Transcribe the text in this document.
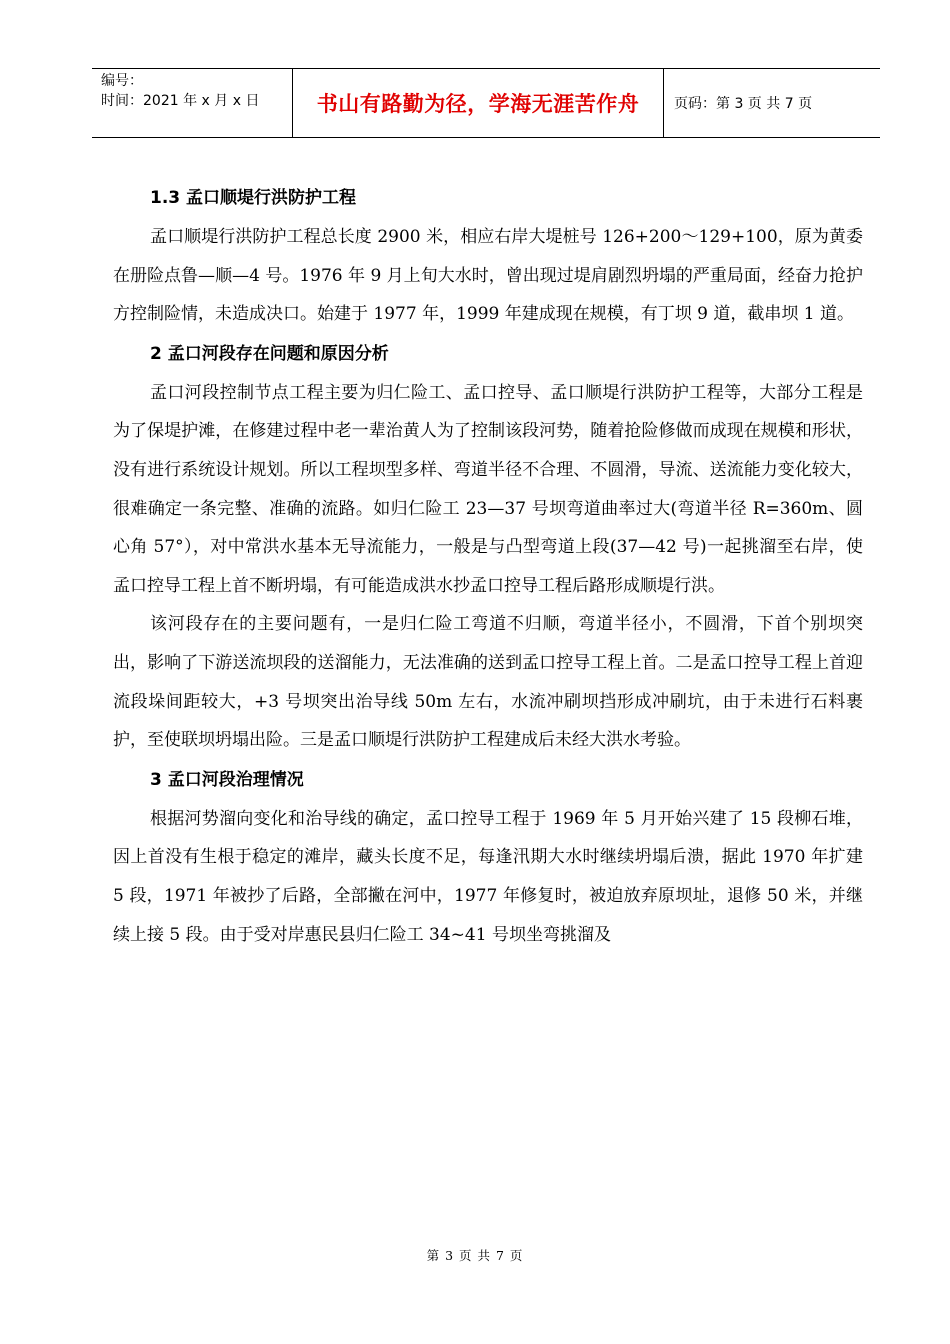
编号：
时间：2021 年 x 月 x 日	书山有路勤为径，学海无涯苦作舟	页码：第 3 页 共 7 页
1.3 孟口顺堤行洪防护工程
孟口顺堤行洪防护工程总长度 2900 米，相应右岸大堤桩号 126+200～129+100，原为黄委在册险点鲁—顺—4 号。1976 年 9 月上旬大水时，曾出现过堤肩剧烈坍塌的严重局面，经奋力抢护方控制险情，未造成决口。始建于 1977 年，1999 年建成现在规模，有丁坝 9 道，截串坝 1 道。
2 孟口河段存在问题和原因分析
孟口河段控制节点工程主要为归仁险工、孟口控导、孟口顺堤行洪防护工程等，大部分工程是为了保堤护滩，在修建过程中老一辈治黄人为了控制该段河势，随着抢险修做而成现在规模和形状，没有进行系统设计规划。所以工程坝型多样、弯道半径不合理、不圆滑，导流、送流能力变化较大，很难确定一条完整、准确的流路。如归仁险工 23—37 号坝弯道曲率过大(弯道半径 R=360m、圆心角 57°），对中常洪水基本无导流能力，一般是与凸型弯道上段(37—42 号)一起挑溜至右岸，使孟口控导工程上首不断坍塌，有可能造成洪水抄孟口控导工程后路形成顺堤行洪。
该河段存在的主要问题有，一是归仁险工弯道不归顺，弯道半径小，不圆滑，下首个别坝突出，影响了下游送流坝段的送溜能力，无法准确的送到孟口控导工程上首。二是孟口控导工程上首迎流段垛间距较大，+3 号坝突出治导线 50m 左右，水流冲刷坝挡形成冲刷坑，由于未进行石料裹护，至使联坝坍塌出险。三是孟口顺堤行洪防护工程建成后未经大洪水考验。
3 孟口河段治理情况
根据河势溜向变化和治导线的确定，孟口控导工程于 1969 年 5 月开始兴建了 15 段柳石堆，因上首没有生根于稳定的滩岸，藏头长度不足，每逢汛期大水时继续坍塌后溃，据此 1970 年扩建 5 段，1971 年被抄了后路，全部撇在河中，1977 年修复时，被迫放弃原坝址，退修 50 米，并继续上接 5 段。由于受对岸惠民县归仁险工 34~41 号坝坐弯挑溜及
第 3 页 共 7 页
